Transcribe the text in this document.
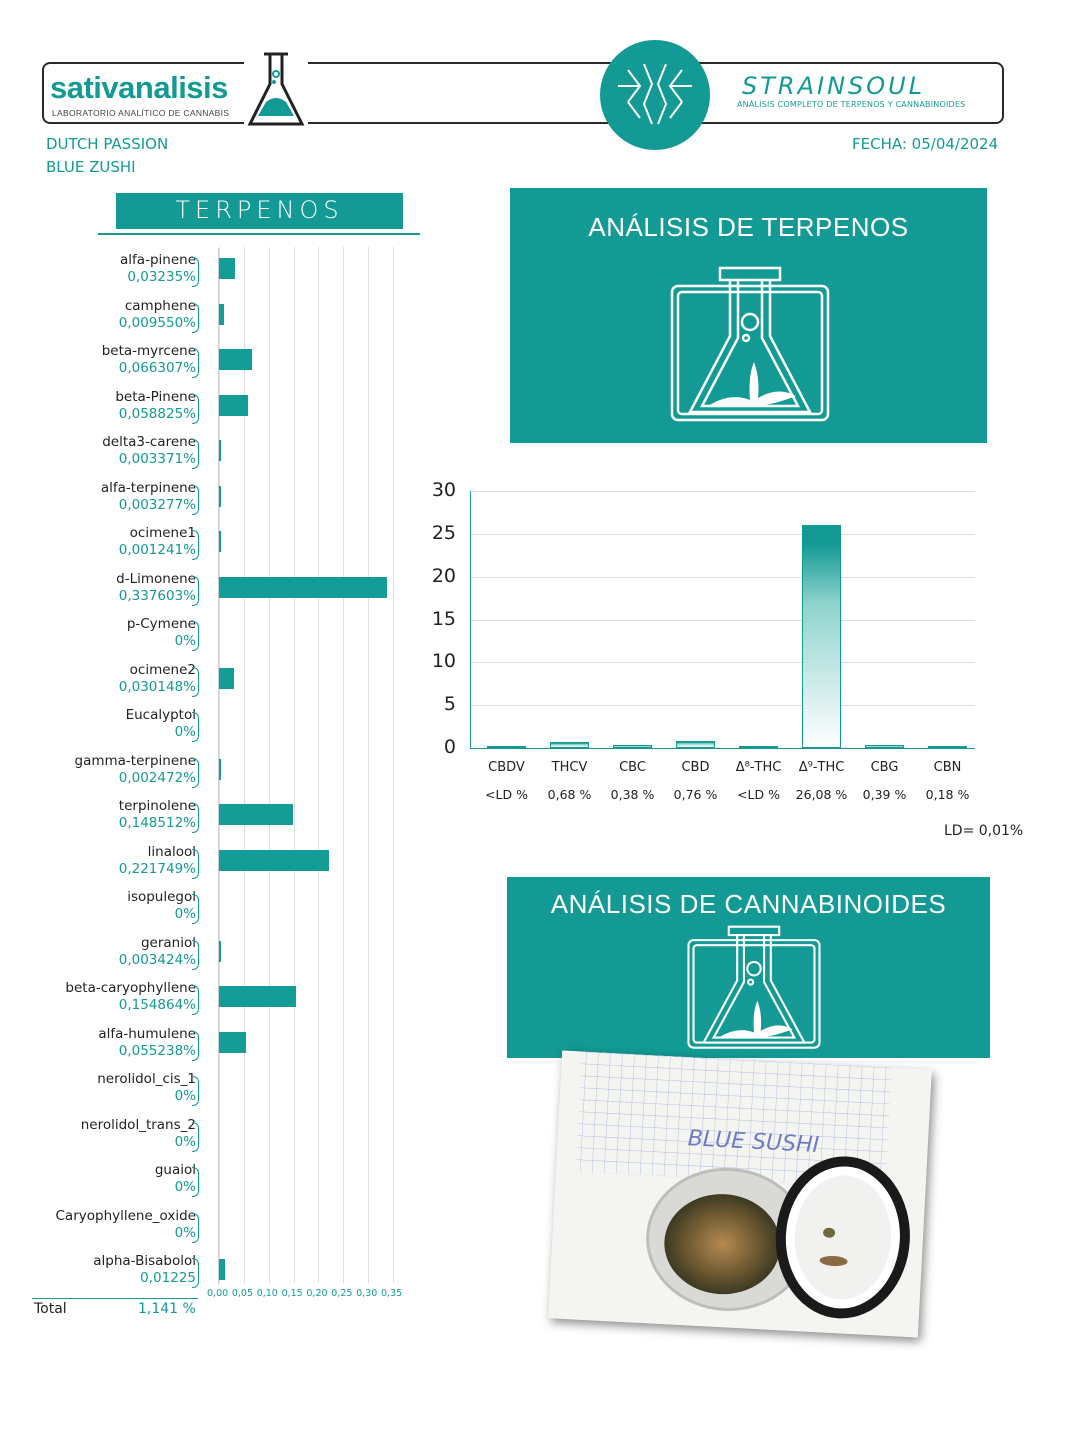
sativanalisis
LABORATORIO ANALÍTICO DE CANNABIS
STRAINSOUL
ANÁLISIS COMPLETO DE TERPENOS Y CANNABINOIDES
DUTCH PASSION
BLUE ZUSHI
FECHA: 05/04/2024
TERPENOS
0,00 0,05 0,10 0,15 0,20 0,25 0,30 0,35
alfa-pinene
0,03235%
camphene
0,009550%
beta-myrcene
0,066307%
beta-Pinene
0,058825%
delta3-carene
0,003371%
alfa-terpinene
0,003277%
ocimene1
0,001241%
d-Limonene
0,337603%
p-Cymene
0%
ocimene2
0,030148%
Eucalyptol
0%
gamma-terpinene
0,002472%
terpinolene
0,148512%
linalool
0,221749%
isopulegol
0%
geraniol
0,003424%
beta-caryophyllene
0,154864%
alfa-humulene
0,055238%
nerolidol_cis_1
0%
nerolidol_trans_2
0%
guaiol
0%
Caryophyllene_oxide
0%
alpha-Bisabolol
0,01225
Total	1,141 %
ANÁLISIS DE TERPENOS
0
5
10
15
20
25
30
CBDV
<LD %
THCV
0,68 %
CBC
0,38 %
CBD
0,76 %
Δ⁸-THC
<LD %
Δ⁹-THC
26,08 %
CBG
0,39 %
CBN
0,18 %
LD= 0,01%
ANÁLISIS DE CANNABINOIDES
BLUE SUSHI
